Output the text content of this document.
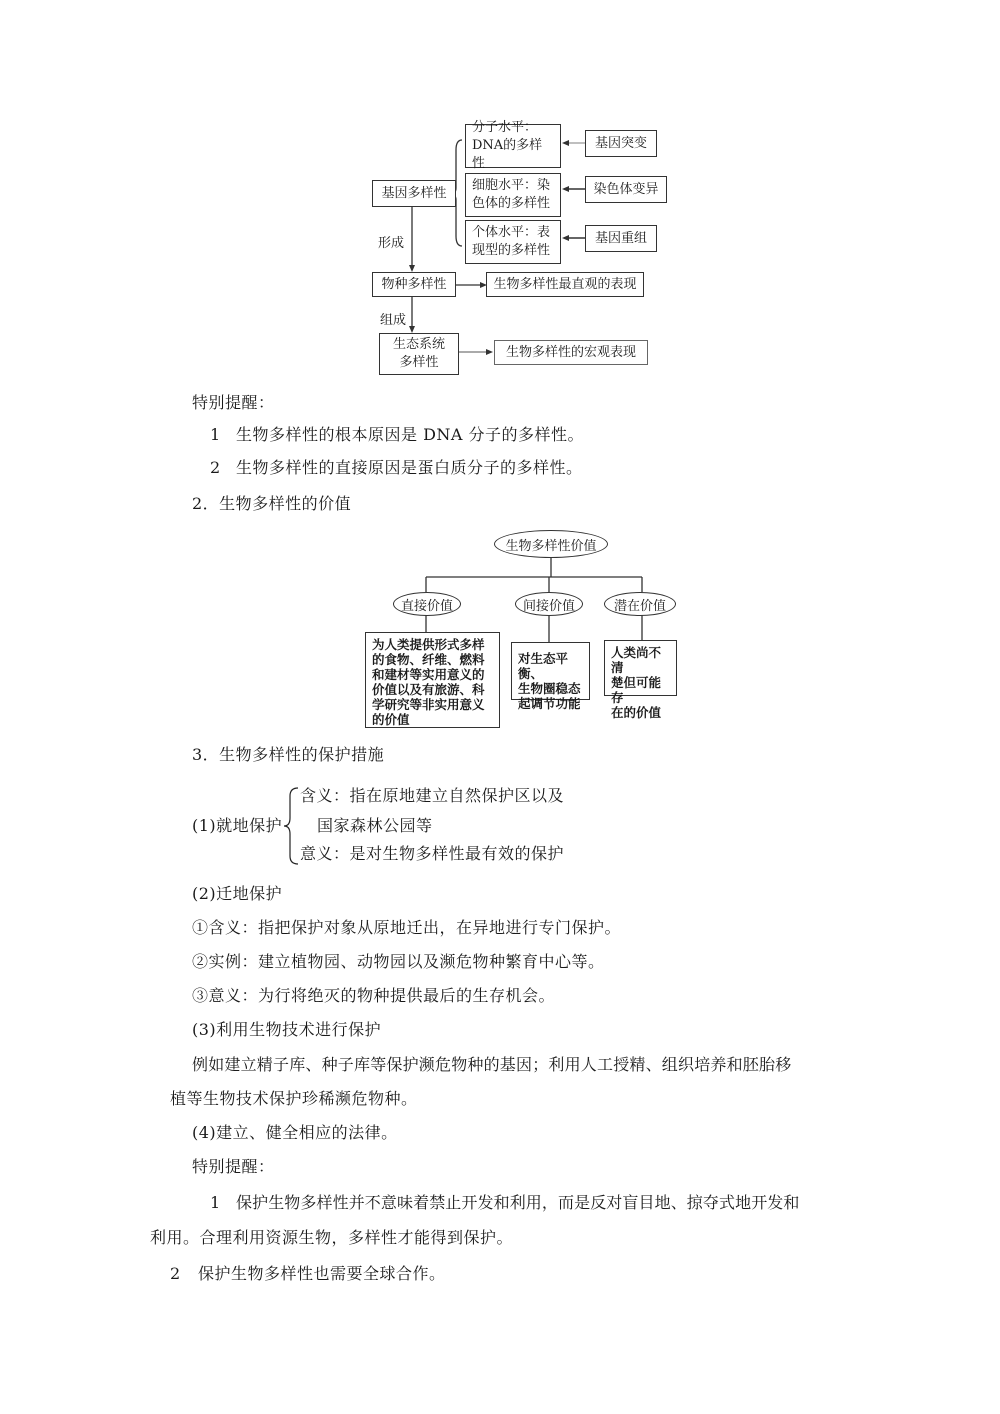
基因多样性
分子水平：
DNA的多样性
细胞水平：染
色体的多样性
个体水平：表
现型的多样性
基因突变
染色体变异
基因重组
形成
物种多样性	生物多样性最直观的表现
组成
生态系统
多样性
生物多样性的宏观表现
特别提醒：
1 生物多样性的根本原因是 DNA 分子的多样性。
2 生物多样性的直接原因是蛋白质分子的多样性。
2．生物多样性的价值
生物多样性价值
直接价值	间接价值	潜在价值
为人类提供形式多样
的食物、纤维、燃料
和建材等实用意义的
价值以及有旅游、科
学研究等非实用意义
的价值
对生态平衡、
生物圈稳态
起调节功能
人类尚不清
楚但可能存
在的价值
3．生物多样性的保护措施
(1)就地保护
含义：指在原地建立自然保护区以及
国家森林公园等
意义：是对生物多样性最有效的保护
(2)迁地保护
①含义：指把保护对象从原地迁出，在异地进行专门保护。
②实例：建立植物园、动物园以及濒危物种繁育中心等。
③意义：为行将绝灭的物种提供最后的生存机会。
(3)利用生物技术进行保护
例如建立精子库、种子库等保护濒危物种的基因；利用人工授精、组织培养和胚胎移
植等生物技术保护珍稀濒危物种。
(4)建立、健全相应的法律。
特别提醒：
1 保护生物多样性并不意味着禁止开发和利用，而是反对盲目地、掠夺式地开发和
利用。合理利用资源生物，多样性才能得到保护。
2 保护生物多样性也需要全球合作。
